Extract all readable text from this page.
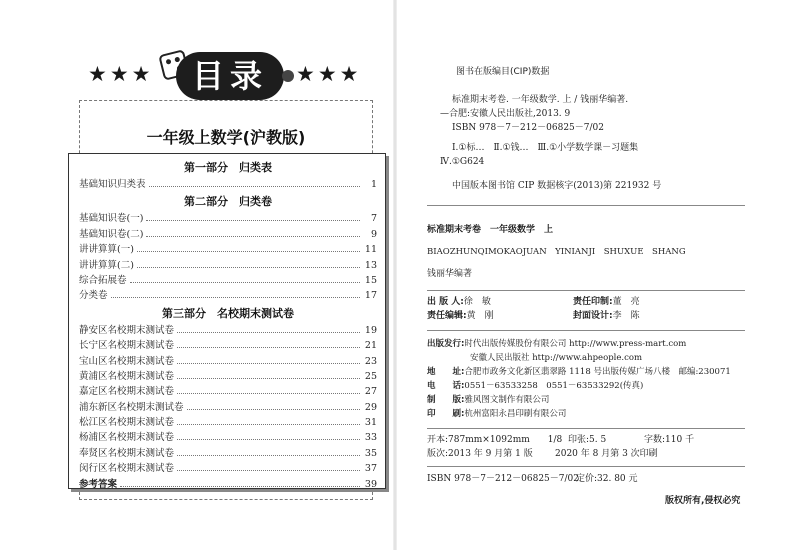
★★★	目录	★★★
一年级上数学(沪教版)
第一部分　归类表
基础知识归类表	1
第二部分　归类卷
基础知识卷(一)	7
基础知识卷(二)	9
讲讲算算(一)	11
讲讲算算(二)	13
综合拓展卷	15
分类卷	17
第三部分　名校期末测试卷
静安区名校期末测试卷	19
长宁区名校期末测试卷	21
宝山区名校期末测试卷	23
黄浦区名校期末测试卷	25
嘉定区名校期末测试卷	27
浦东新区名校期末测试卷	29
松江区名校期末测试卷	31
杨浦区名校期末测试卷	33
奉贤区名校期末测试卷	35
闵行区名校期末测试卷	37
参考答案	39
图书在版编目(CIP)数据
标准期末考卷. 一年级数学. 上 / 钱丽华编著.
—合肥:安徽人民出版社,2013. 9
ISBN 978－7－212－06825－7/02
Ⅰ.①标…　Ⅱ.①钱…　Ⅲ.①小学数学课－习题集
Ⅳ.①G624
中国版本图书馆 CIP 数据核字(2013)第 221932 号
标准期末考卷　一年级数学　上
BIAOZHUNQIMOKAOJUAN　YINIANJI　SHUXUE　SHANG
钱丽华编著
出 版 人:徐　敏	责任印制:董　亮
责任编辑:黄　刚	封面设计:李　陈
出版发行:时代出版传媒股份有限公司 http://www.press-mart.com
安徽人民出版社 http://www.ahpeople.com
地　　址:合肥市政务文化新区翡翠路 1118 号出版传媒广场八楼　邮编:230071
电　　话:0551－63533258　0551－63533292(传真)
制　　版:雅风图文制作有限公司
印　　刷:杭州富阳永昌印刷有限公司
开本:787mm×1092mm　　1/8 印张:5. 5	字数:110 千
版次:2013 年 9 月第 1 版 2020 年 8 月第 3 次印刷
ISBN 978－7－212－06825－7/02
定价:32. 80 元
版权所有,侵权必究
